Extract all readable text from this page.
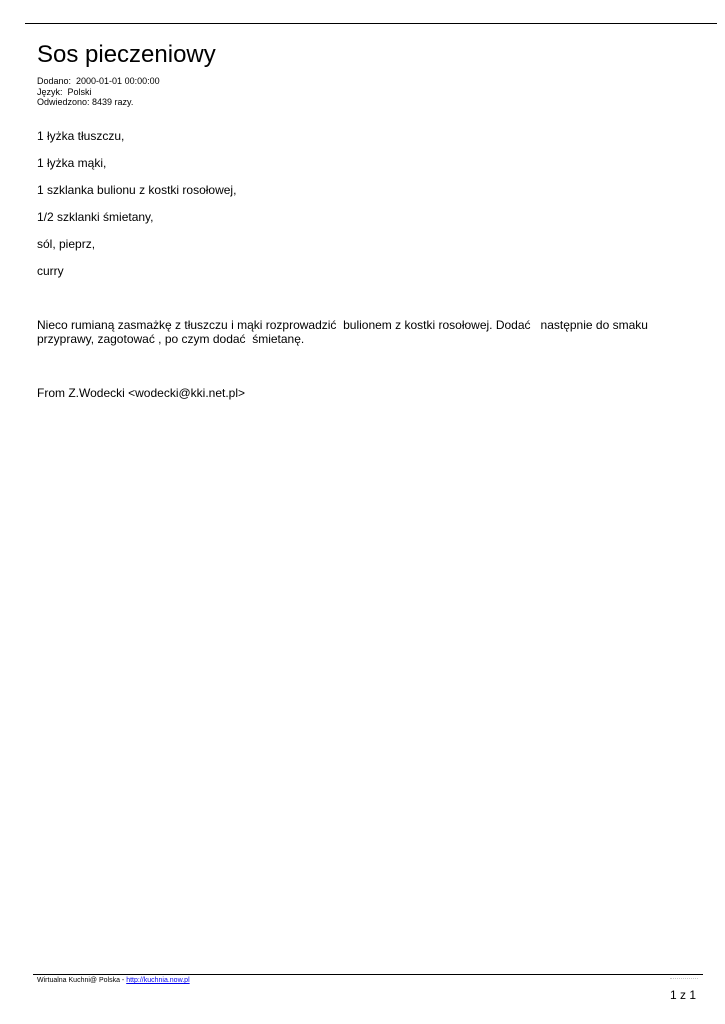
Sos pieczeniowy
Dodano:  2000-01-01 00:00:00
Język:  Polski
Odwiedzono: 8439 razy.
1 łyżka tłuszczu,
1 łyżka mąki,
1 szklanka bulionu z kostki rosołowej,
1/2 szklanki śmietany,
sól, pieprz,
curry

Nieco rumianą zasmażkę z tłuszczu i mąki rozprowadzić  bulionem z kostki rosołowej. Dodać   następnie do smaku przyprawy, zagotować , po czym dodać  śmietanę.

From Z.Wodecki <wodecki@kki.net.pl>
Wirtualna Kuchni@ Polska - http://kuchnia.now.pl
1 z 1
